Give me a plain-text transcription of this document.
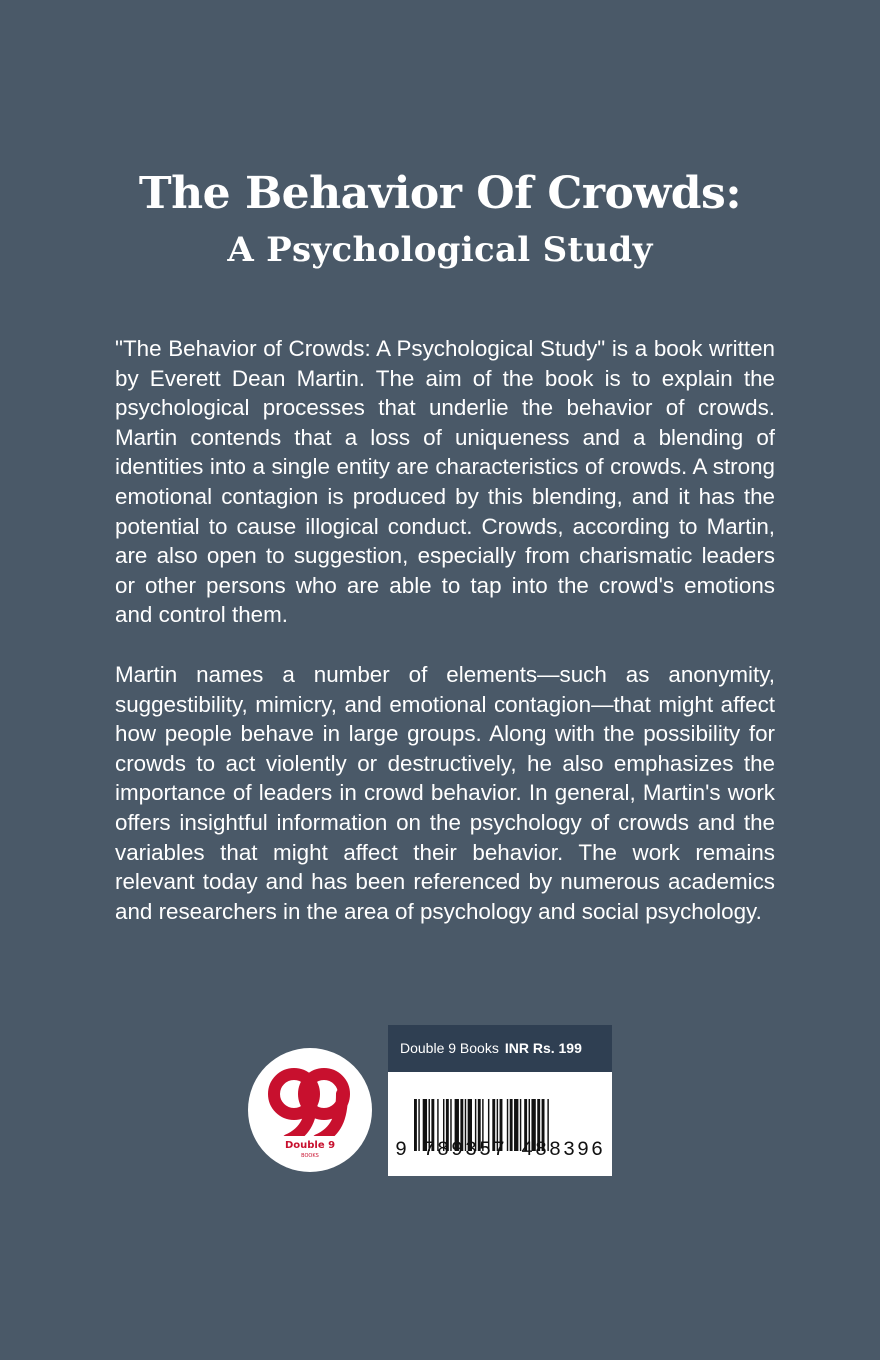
The Behavior Of Crowds:
A Psychological Study

"The Behavior of Crowds: A Psychological Study" is a book written by Everett Dean Martin. The aim of the book is to explain the psychological processes that underlie the behavior of crowds. Martin contends that a loss of uniqueness and a blending of identities into a single entity are characteristics of crowds. A strong emotional contagion is produced by this blending, and it has the potential to cause illogical conduct. Crowds, according to Martin, are also open to suggestion, especially from charismatic leaders or other persons who are able to tap into the crowd's emotions and control them.

Martin names a number of elements—such as anonymity, suggestibility, mimicry, and emotional contagion—that might affect how people behave in large groups. Along with the possibility for crowds to act violently or destructively, he also emphasizes the importance of leaders in crowd behavior. In general, Martin's work offers insightful information on the psychology of crowds and the variables that might affect their behavior. The work remains relevant today and has been referenced by numerous academics and researchers in the area of psychology and social psychology.

Double 9
BOOKS
Double 9 Books INR Rs. 199
9 789357 488396
